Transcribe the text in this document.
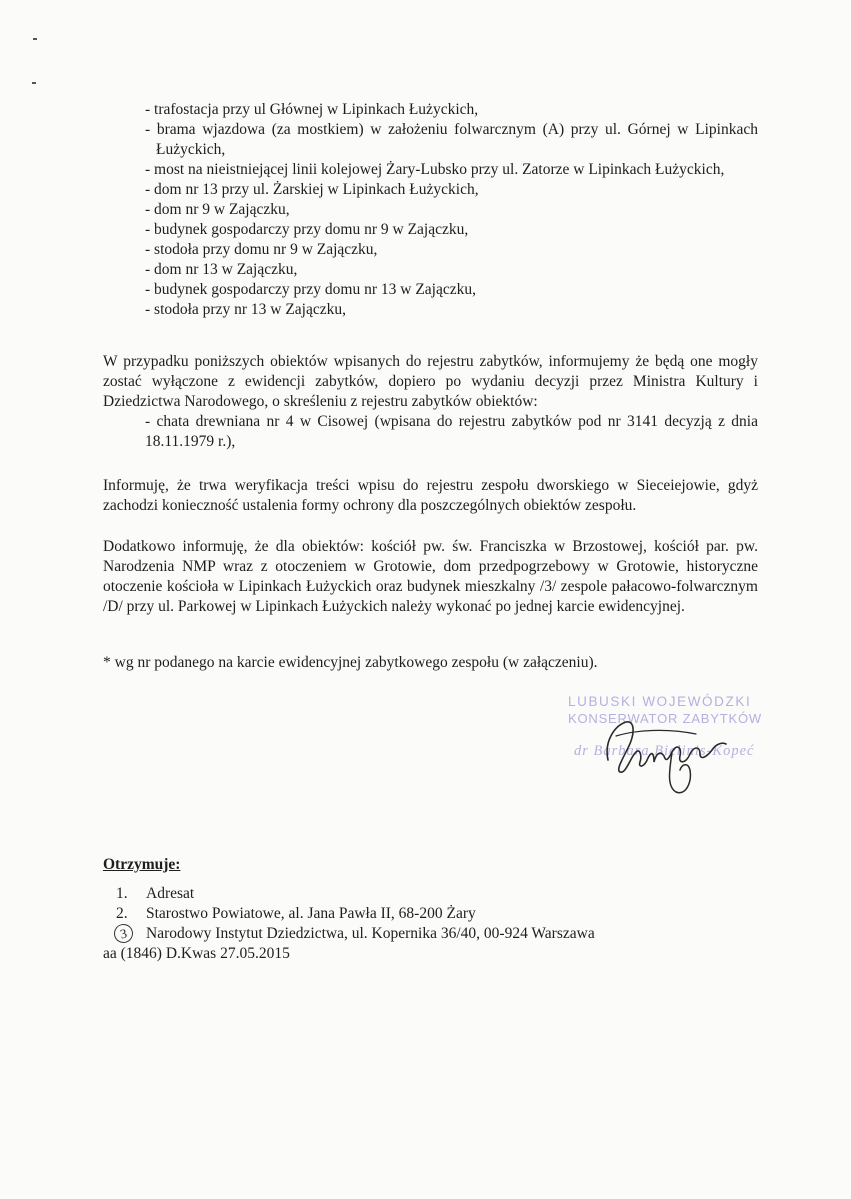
- trafostacja przy ul Głównej w Lipinkach Łużyckich,
- brama wjazdowa (za mostkiem) w założeniu folwarcznym (A) przy ul. Górnej w Lipinkach Łużyckich,
- most na nieistniejącej linii kolejowej Żary-Lubsko przy ul. Zatorze w Lipinkach Łużyckich,
- dom nr 13 przy ul. Żarskiej w Lipinkach Łużyckich,
- dom nr 9 w Zajączku,
- budynek gospodarczy przy domu nr 9 w Zajączku,
- stodoła przy domu nr 9 w Zajączku,
- dom nr 13 w Zajączku,
- budynek gospodarczy przy domu nr 13 w Zajączku,
- stodoła przy nr 13 w Zajączku,

W przypadku poniższych obiektów wpisanych do rejestru zabytków, informujemy że będą one mogły zostać wyłączone z ewidencji zabytków, dopiero po wydaniu decyzji przez Ministra Kultury i Dziedzictwa Narodowego, o skreśleniu z rejestru zabytków obiektów:

- chata drewniana nr 4 w Cisowej (wpisana do rejestru zabytków pod nr 3141 decyzją z dnia 18.11.1979 r.),

Informuję, że trwa weryfikacja treści wpisu do rejestru zespołu dworskiego w Sieceiejowie, gdyż zachodzi konieczność ustalenia formy ochrony dla poszczególnych obiektów zespołu.

Dodatkowo informuję, że dla obiektów: kościół pw. św. Franciszka w Brzostowej, kościół par. pw. Narodzenia NMP wraz z otoczeniem w Grotowie, dom przedpogrzebowy w Grotowie, historyczne otoczenie kościoła w Lipinkach Łużyckich oraz budynek mieszkalny /3/ zespole pałacowo-folwarcznym /D/ przy ul. Parkowej w Lipinkach Łużyckich należy wykonać po jednej karcie ewidencyjnej.

* wg nr podanego na karcie ewidencyjnej zabytkowego zespołu (w załączeniu).

LUBUSKI WOJEWÓDZKI
KONSERWATOR ZABYTKÓW
dr Barbara Bielinis-Kopeć
Otrzymuje:
1.	Adresat
2.	Starostwo Powiatowe, al. Jana Pawła II, 68-200 Żary
3	Narodowy Instytut Dziedzictwa, ul. Kopernika 36/40, 00-924 Warszawa
aa (1846) D.Kwas 27.05.2015
